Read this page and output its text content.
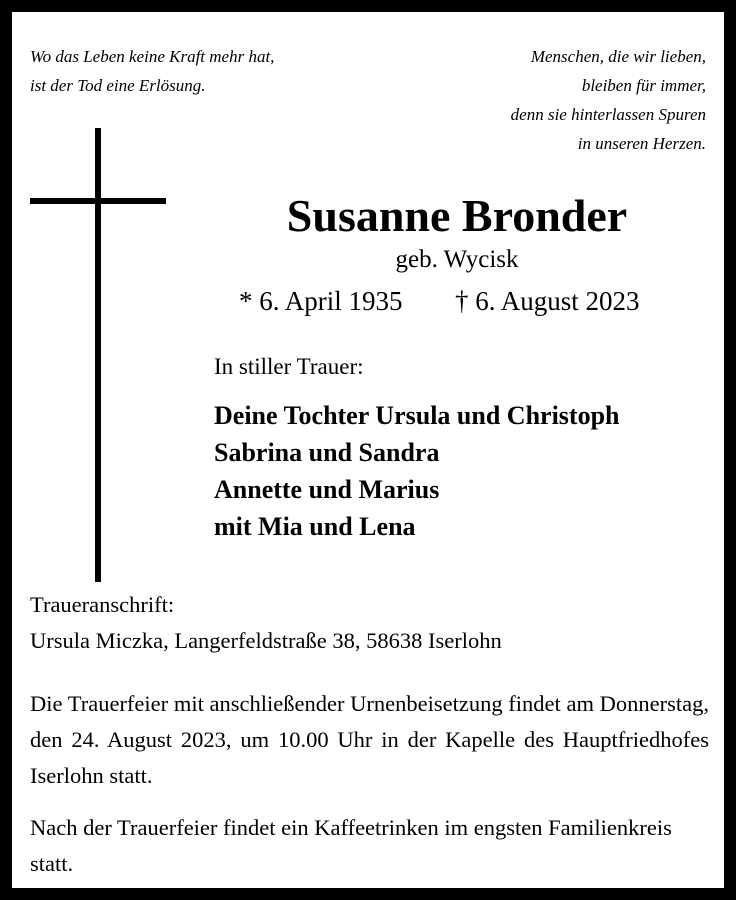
Wo das Leben keine Kraft mehr hat,
ist der Tod eine Erlösung.
Menschen, die wir lieben,
bleiben für immer,
denn sie hinterlassen Spuren
in unseren Herzen.
Susanne Bronder
geb. Wycisk
* 6. April 1935 † 6. August 2023
In stiller Trauer:
Deine Tochter Ursula und Christoph
Sabrina und Sandra
Annette und Marius
mit Mia und Lena
Traueranschrift:
Ursula Miczka, Langerfeldstraße 38, 58638 Iserlohn
Die Trauerfeier mit anschließender Urnenbeisetzung findet am Donnerstag, den 24. August 2023, um 10.00 Uhr in der Kapelle des Hauptfriedhofes Iserlohn statt.
Nach der Trauerfeier findet ein Kaffeetrinken im engsten Familienkreis statt.
